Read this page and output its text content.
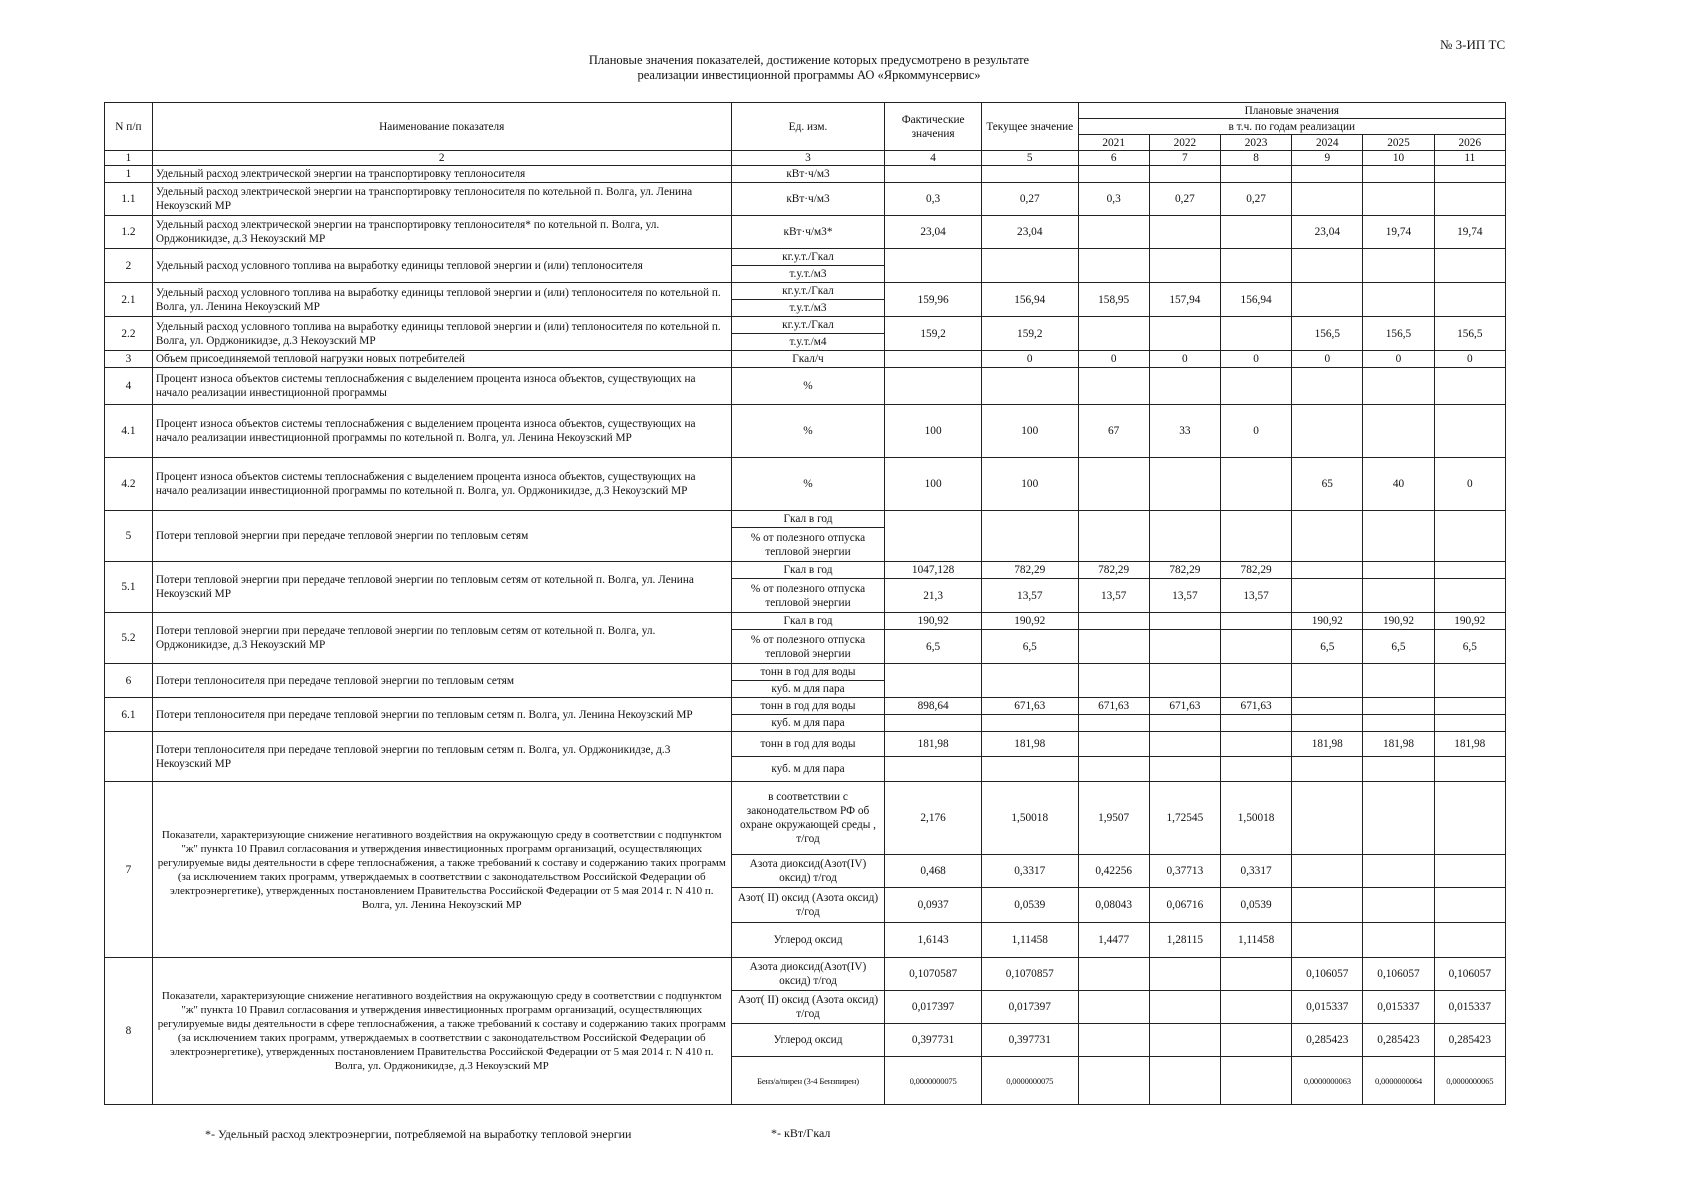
№ 3-ИП ТС
Плановые значения показателей, достижение которых предусмотрено в результате
реализации инвестиционной программы АО «Яркоммунсервис»
N п/п	Наименование показателя	Ед. изм.	Фактические значения	Текущее значение	Плановые значения					
					в т.ч. по годам реализации					
					2021	2022	2023	2024	2025	2026
1	2	3	4	5	6	7	8	9	10	11
1	Удельный расход электрической энергии на транспортировку теплоносителя	кВт·ч/м3								
1.1	Удельный расход электрической энергии на транспортировку теплоносителя по котельной п. Волга, ул. Ленина Некоузский МР	кВт·ч/м3	0,3	0,27	0,3	0,27	0,27			
1.2	Удельный расход электрической энергии на транспортировку теплоносителя* по котельной п. Волга, ул. Орджоникидзе, д.3 Некоузский МР	кВт·ч/м3*	23,04	23,04				23,04	19,74	19,74
2	Удельный расход условного топлива на выработку единицы тепловой энергии и (или) теплоносителя	кг.у.т./Гкал								
		т.у.т./м3								
2.1	Удельный расход условного топлива на выработку единицы тепловой энергии и (или) теплоносителя по котельной п. Волга, ул. Ленина Некоузский МР	кг.у.т./Гкал	159,96	156,94	158,95	157,94	156,94			
		т.у.т./м3								
2.2	Удельный расход условного топлива на выработку единицы тепловой энергии и (или) теплоносителя по котельной п. Волга, ул. Орджоникидзе, д.3 Некоузский МР	кг.у.т./Гкал	159,2	159,2				156,5	156,5	156,5
		т.у.т./м4								
3	Объем присоединяемой тепловой нагрузки новых потребителей	Гкал/ч		0	0	0	0	0	0	0
4	Процент износа объектов системы теплоснабжения с выделением процента износа объектов, существующих на начало реализации инвестиционной программы	%								
4.1	Процент износа объектов системы теплоснабжения с выделением процента износа объектов, существующих на начало реализации инвестиционной программы по котельной п. Волга, ул. Ленина Некоузский МР	%	100	100	67	33	0			
4.2	Процент износа объектов системы теплоснабжения с выделением процента износа объектов, существующих на начало реализации инвестиционной программы по котельной п. Волга, ул. Орджоникидзе, д.3 Некоузский МР	%	100	100				65	40	0
5	Потери тепловой энергии при передаче тепловой энергии по тепловым сетям	Гкал в год								
		% от полезного отпуска тепловой энергии								
5.1	Потери тепловой энергии при передаче тепловой энергии по тепловым сетям от котельной п. Волга, ул. Ленина Некоузский МР	Гкал в год	1047,128	782,29	782,29	782,29	782,29			
		% от полезного отпуска тепловой энергии	21,3	13,57	13,57	13,57	13,57			
5.2	Потери тепловой энергии при передаче тепловой энергии по тепловым сетям от котельной п. Волга, ул. Орджоникидзе, д.3 Некоузский МР	Гкал в год	190,92	190,92				190,92	190,92	190,92
		% от полезного отпуска тепловой энергии	6,5	6,5				6,5	6,5	6,5
6	Потери теплоносителя при передаче тепловой энергии по тепловым сетям	тонн в год для воды								
		куб. м для пара								
6.1	Потери теплоносителя при передаче тепловой энергии по тепловым сетям п. Волга, ул. Ленина Некоузский МР	тонн в год для воды	898,64	671,63	671,63	671,63	671,63			
		куб. м для пара								
	Потери теплоносителя при передаче тепловой энергии по тепловым сетям п. Волга, ул. Орджоникидзе, д.3 Некоузский МР	тонн в год для воды	181,98	181,98				181,98	181,98	181,98
		куб. м для пара								
7	Показатели, характеризующие снижение негативного воздействия на окружающую среду в соответствии с подпунктом "ж" пункта 10 Правил согласования и утверждения инвестиционных программ организаций, осуществляющих регулируемые виды деятельности в сфере теплоснабжения, а также требований к составу и содержанию таких программ (за исключением таких программ, утверждаемых в соответствии с законодательством Российской Федерации об электроэнергетике), утвержденных постановлением Правительства Российской Федерации от 5 мая 2014 г. N 410 п. Волга, ул. Ленина Некоузский МР	в соответствии с законодательством РФ об охране окружающей среды , т/год	2,176	1,50018	1,9507	1,72545	1,50018			
		Азота диоксид(Азот(IV) оксид) т/год	0,468	0,3317	0,42256	0,37713	0,3317			
		Азот( II) оксид (Азота оксид) т/год	0,0937	0,0539	0,08043	0,06716	0,0539			
		Углерод оксид	1,6143	1,11458	1,4477	1,28115	1,11458			
8	Показатели, характеризующие снижение негативного воздействия на окружающую среду в соответствии с подпунктом "ж" пункта 10 Правил согласования и утверждения инвестиционных программ организаций, осуществляющих регулируемые виды деятельности в сфере теплоснабжения, а также требований к составу и содержанию таких программ (за исключением таких программ, утверждаемых в соответствии с законодательством Российской Федерации об электроэнергетике), утвержденных постановлением Правительства Российской Федерации от 5 мая 2014 г. N 410 п. Волга, ул. Орджоникидзе, д.3 Некоузский МР	Азота диоксид(Азот(IV) оксид) т/год	0,1070587	0,1070857				0,106057	0,106057	0,106057
		Азот( II) оксид (Азота оксид) т/год	0,017397	0,017397				0,015337	0,015337	0,015337
		Углерод оксид	0,397731	0,397731				0,285423	0,285423	0,285423
		Бенз/а/пирен (3-4 Бензпирен)	0,0000000075	0,0000000075				0,0000000063	0,0000000064	0,0000000065
*- Удельный расход электроэнергии, потребляемой на выработку тепловой энергии	*- кВт/Гкал
